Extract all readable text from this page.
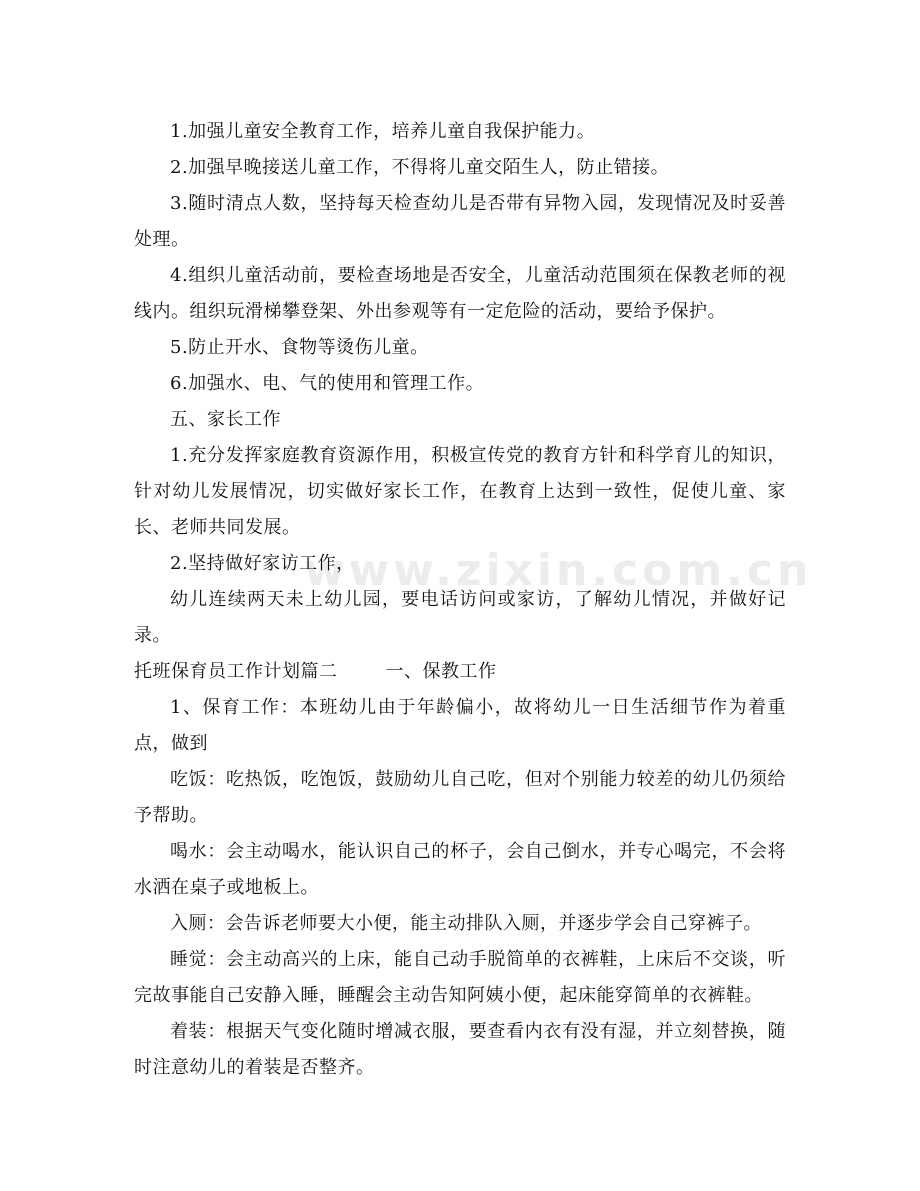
www.zixin.com.cn

1.加强儿童安全教育工作，培养儿童自我保护能力。

2.加强早晚接送儿童工作，不得将儿童交陌生人，防止错接。

3.随时清点人数，坚持每天检查幼儿是否带有异物入园，发现情况及时妥善处理。

4.组织儿童活动前，要检查场地是否安全，儿童活动范围须在保教老师的视线内。组织玩滑梯攀登架、外出参观等有一定危险的活动，要给予保护。

5.防止开水、食物等烫伤儿童。

6.加强水、电、气的使用和管理工作。

五、家长工作

1.充分发挥家庭教育资源作用，积极宣传党的教育方针和科学育儿的知识，针对幼儿发展情况，切实做好家长工作，在教育上达到一致性，促使儿童、家长、老师共同发展。

2.坚持做好家访工作，

幼儿连续两天未上幼儿园，要电话访问或家访，了解幼儿情况，并做好记录。

托班保育员工作计划篇二	一、保教工作

1、保育工作：本班幼儿由于年龄偏小，故将幼儿一日生活细节作为着重点，做到

吃饭：吃热饭，吃饱饭，鼓励幼儿自己吃，但对个别能力较差的幼儿仍须给予帮助。

喝水：会主动喝水，能认识自己的杯子，会自己倒水，并专心喝完，不会将水洒在桌子或地板上。

入厕：会告诉老师要大小便，能主动排队入厕，并逐步学会自己穿裤子。

睡觉：会主动高兴的上床，能自己动手脱简单的衣裤鞋，上床后不交谈，听完故事能自己安静入睡，睡醒会主动告知阿姨小便，起床能穿简单的衣裤鞋。

着装：根据天气变化随时增减衣服，要查看内衣有没有湿，并立刻替换，随时注意幼儿的着装是否整齐。
